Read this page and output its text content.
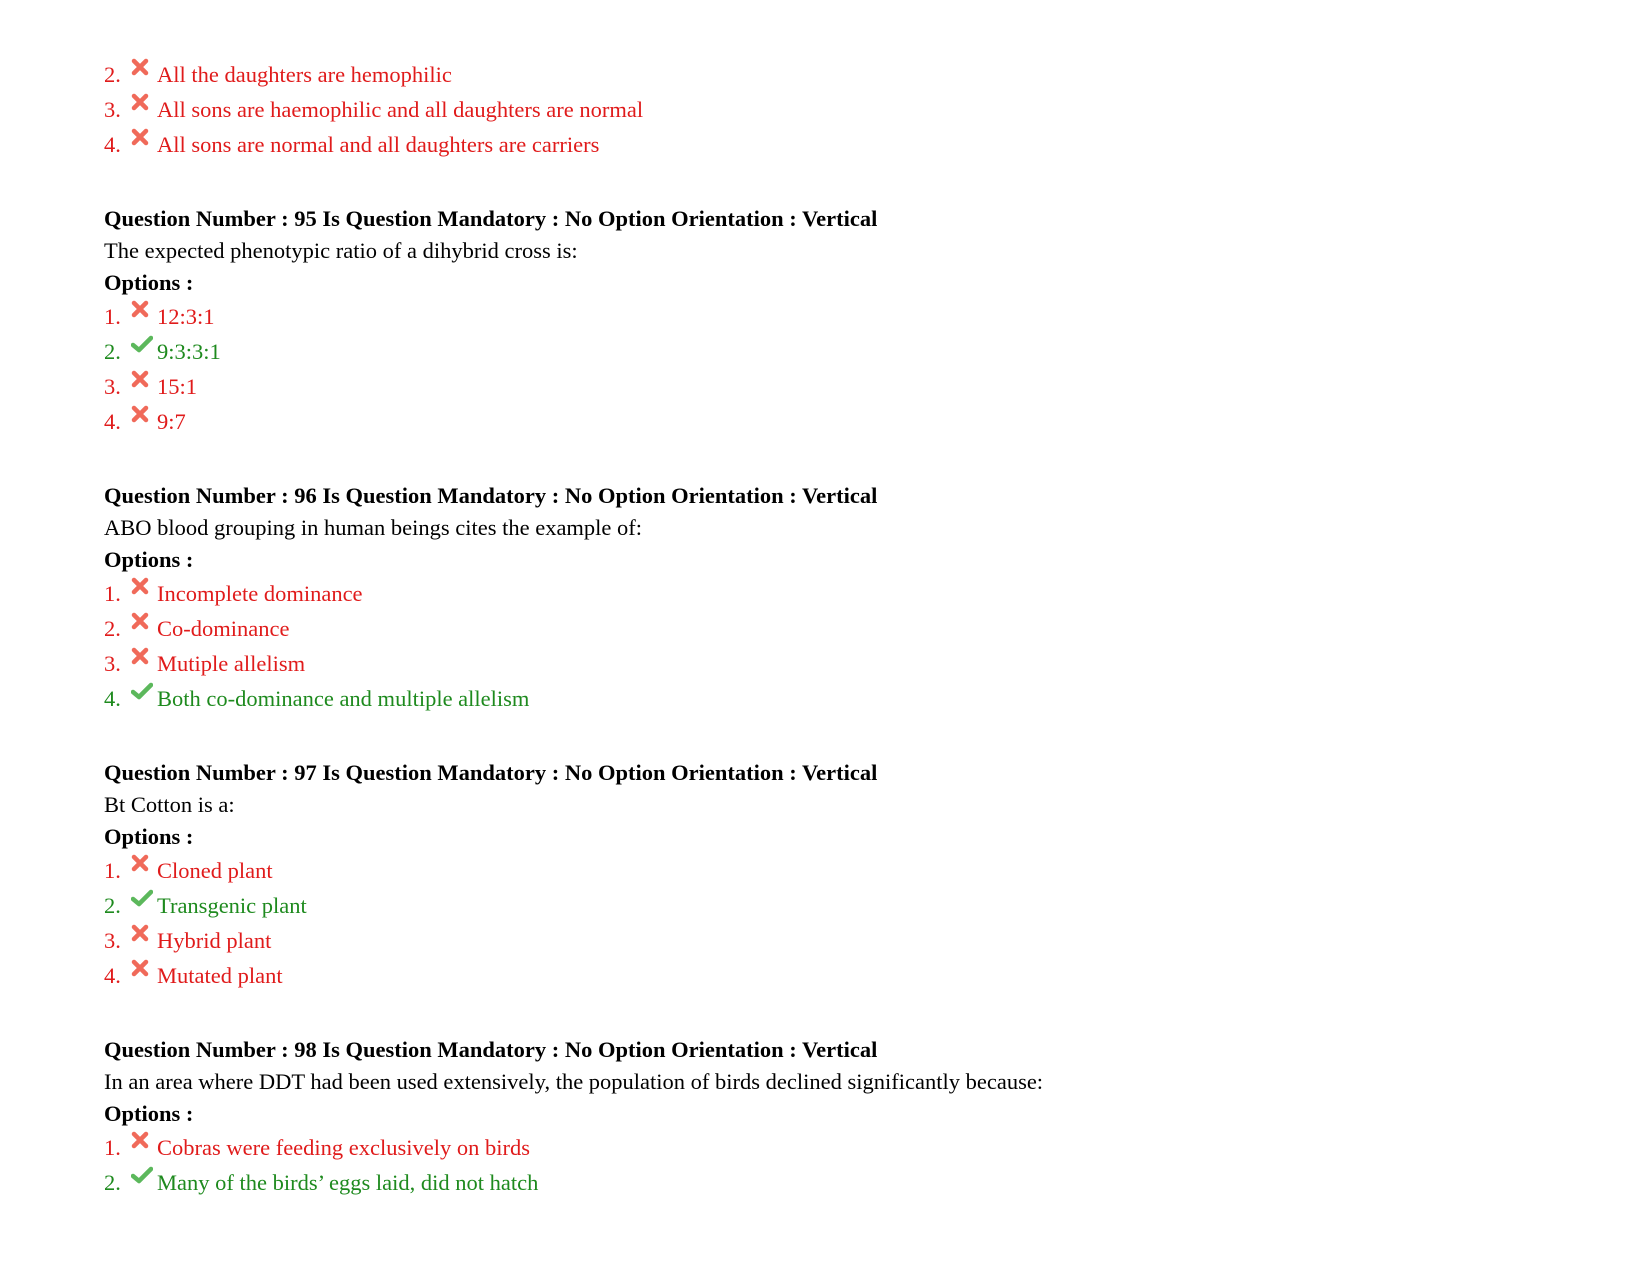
2.	All the daughters are hemophilic
3.	All sons are haemophilic and all daughters are normal
4.	All sons are normal and all daughters are carriers
Question Number : 95 Is Question Mandatory : No Option Orientation : Vertical
The expected phenotypic ratio of a dihybrid cross is:
Options :
1.	12:3:1
2.	9:3:3:1
3.	15:1
4.	9:7
Question Number : 96 Is Question Mandatory : No Option Orientation : Vertical
ABO blood grouping in human beings cites the example of:
Options :
1.	Incomplete dominance
2.	Co-dominance
3.	Mutiple allelism
4.	Both co-dominance and multiple allelism
Question Number : 97 Is Question Mandatory : No Option Orientation : Vertical
Bt Cotton is a:
Options :
1.	Cloned plant
2.	Transgenic plant
3.	Hybrid plant
4.	Mutated plant
Question Number : 98 Is Question Mandatory : No Option Orientation : Vertical
In an area where DDT had been used extensively, the population of birds declined significantly because:
Options :
1.	Cobras were feeding exclusively on birds
2.	Many of the birds’ eggs laid, did not hatch
